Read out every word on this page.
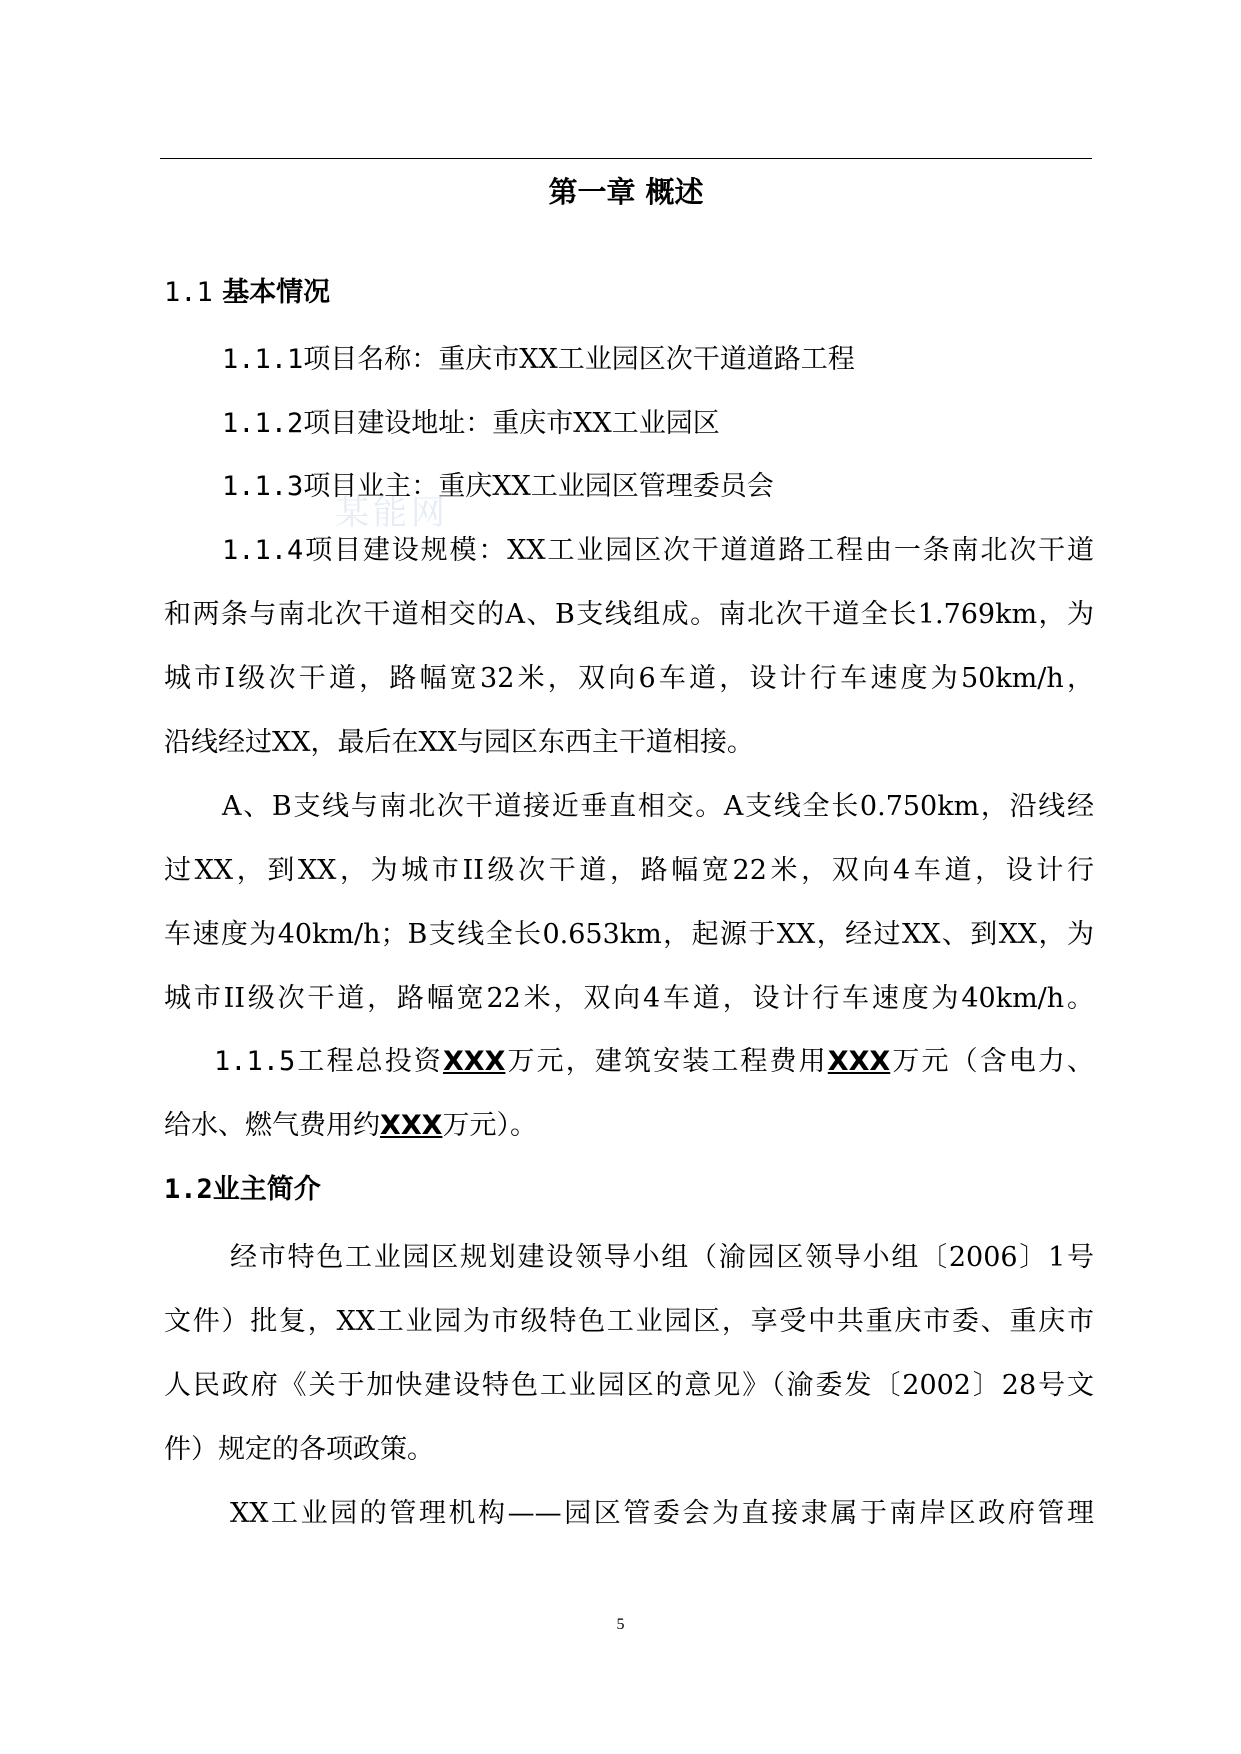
某能网
第一章 概述
1.1 基本情况
1.1.1项目名称：重庆市XX工业园区次干道道路工程
1.1.2项目建设地址：重庆市XX工业园区
1.1.3项目业主：重庆XX工业园区管理委员会
1.1.4项目建设规模：XX工业园区次干道道路工程由一条南北次干道
和两条与南北次干道相交的A、B支线组成。南北次干道全长1.769km，为
城市I级次干道，路幅宽32米，双向6车道，设计行车速度为50km/h，
沿线经过XX，最后在XX与园区东西主干道相接。
A、B支线与南北次干道接近垂直相交。A支线全长0.750km，沿线经
过XX，到XX，为城市II级次干道，路幅宽22米，双向4车道，设计行
车速度为40km/h；B支线全长0.653km，起源于XX，经过XX、到XX，为
城市II级次干道，路幅宽22米，双向4车道，设计行车速度为40km/h。
1.1.5工程总投资XXX万元，建筑安装工程费用XXX万元（含电力、
给水、燃气费用约XXX万元）。
1.2业主简介
经市特色工业园区规划建设领导小组（渝园区领导小组〔2006〕1号
文件）批复，XX工业园为市级特色工业园区，享受中共重庆市委、重庆市
人民政府《关于加快建设特色工业园区的意见》（渝委发〔2002〕28号文
件）规定的各项政策。
XX工业园的管理机构——园区管委会为直接隶属于南岸区政府管理
5
